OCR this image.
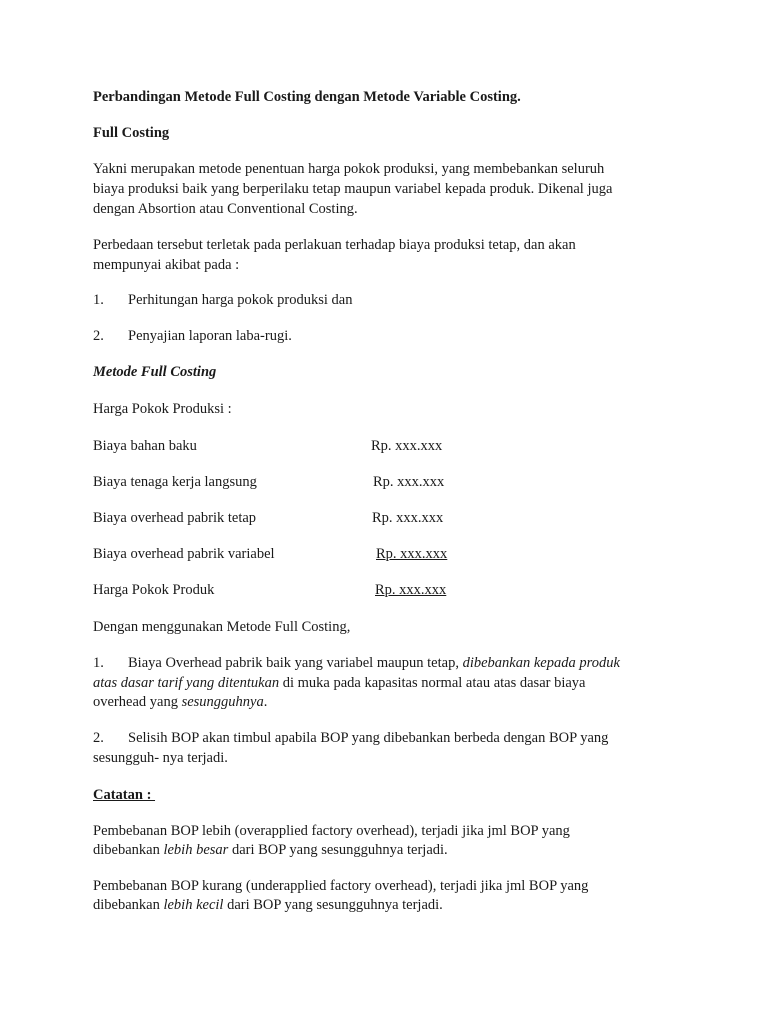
Perbandingan Metode Full Costing dengan Metode Variable Costing.
Full Costing
Yakni merupakan metode penentuan harga pokok produksi, yang membebankan seluruh
biaya produksi baik yang berperilaku tetap maupun variabel kepada produk. Dikenal juga
dengan Absortion atau Conventional Costing.
Perbedaan tersebut terletak pada perlakuan terhadap biaya produksi tetap, dan akan
mempunyai akibat pada :
1. Perhitungan harga pokok produksi dan
2. Penyajian laporan laba-rugi.
Metode Full Costing
Harga Pokok Produksi :
Biaya bahan baku	Rp. xxx.xxx
Biaya tenaga kerja langsung	Rp. xxx.xxx
Biaya overhead pabrik tetap	Rp. xxx.xxx
Biaya overhead pabrik variabel	Rp. xxx.xxx
Harga Pokok Produk	Rp. xxx.xxx
Dengan menggunakan Metode Full Costing,
1. Biaya Overhead pabrik baik yang variabel maupun tetap, dibebankan kepada produk
atas dasar tarif yang ditentukan di muka pada kapasitas normal atau atas dasar biaya
overhead yang sesungguhnya.
2. Selisih BOP akan timbul apabila BOP yang dibebankan berbeda dengan BOP yang
sesungguh- nya terjadi.
Catatan :
Pembebanan BOP lebih (overapplied factory overhead), terjadi jika jml BOP yang
dibebankan lebih besar dari BOP yang sesungguhnya terjadi.
Pembebanan BOP kurang (underapplied factory overhead), terjadi jika jml BOP yang
dibebankan lebih kecil dari BOP yang sesungguhnya terjadi.
